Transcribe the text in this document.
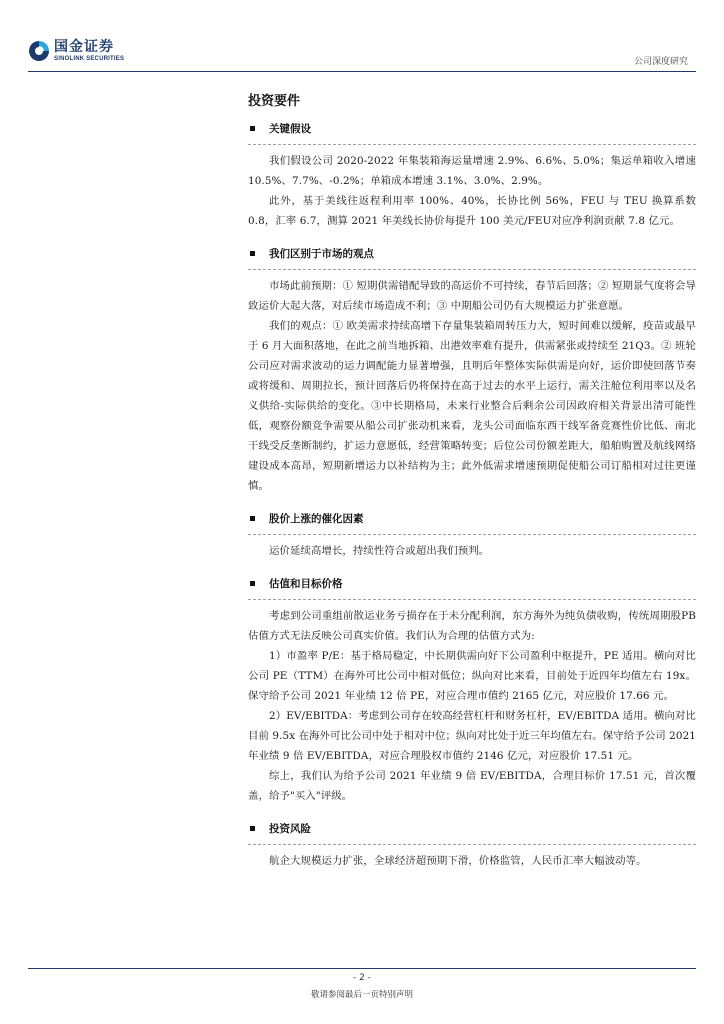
国金证券
SINOLINK SECURITIES	公司深度研究
投资要件
关键假设

我们假设公司 2020-2022 年集装箱海运量增速 2.9%、6.6%、5.0%；集运单箱收入增速 10.5%、7.7%、-0.2%；单箱成本增速 3.1%、3.0%、2.9%。

此外，基于美线往返程利用率 100%、40%，长协比例 56%，FEU 与 TEU 换算系数 0.8，汇率 6.7，测算 2021 年美线长协价每提升 100 美元/FEU对应净利润贡献 7.8 亿元。

我们区别于市场的观点

市场此前预期：① 短期供需错配导致的高运价不可持续，春节后回落；② 短期景气度将会导致运价大起大落，对后续市场造成不利；③ 中期船公司仍有大规模运力扩张意愿。

我们的观点：① 欧美需求持续高增下存量集装箱周转压力大，短时间难以缓解，疫苗或最早于 6 月大面积落地，在此之前当地拆箱、出港效率难有提升，供需紧张或持续至 21Q3。② 班轮公司应对需求波动的运力调配能力显著增强，且明后年整体实际供需是向好，运价即使回落节奏或将缓和、周期拉长，预计回落后仍将保持在高于过去的水平上运行，需关注舱位利用率以及名义供给-实际供给的变化。③中长期格局，未来行业整合后剩余公司因政府相关背景出清可能性低，观察份额竞争需要从船公司扩张动机来看，龙头公司面临东西干线军备竞赛性价比低、南北干线受反垄断制约，扩运力意愿低，经营策略转变；后位公司份额差距大，船舶购置及航线网络建设成本高昂，短期新增运力以补结构为主；此外低需求增速预期促使船公司订船相对过往更谨慎。

股价上涨的催化因素

运价延续高增长，持续性符合或超出我们预判。

估值和目标价格

考虑到公司重组前散运业务亏损存在于未分配利润，东方海外为纯负债收购，传统周期股PB估值方式无法反映公司真实价值。我们认为合理的估值方式为:

1）市盈率 P/E：基于格局稳定，中长期供需向好下公司盈利中枢提升，PE 适用。横向对比公司 PE（TTM）在海外可比公司中相对低位；纵向对比来看，目前处于近四年均值左右 19x。保守给予公司 2021 年业绩 12 倍 PE，对应合理市值约 2165 亿元，对应股价 17.66 元。

2）EV/EBITDA：考虑到公司存在较高经营杠杆和财务杠杆，EV/EBITDA 适用。横向对比目前 9.5x 在海外可比公司中处于相对中位；纵向对比处于近三年均值左右。保守给予公司 2021 年业绩 9 倍 EV/EBITDA，对应合理股权市值约 2146 亿元，对应股价 17.51 元。

综上，我们认为给予公司 2021 年业绩 9 倍 EV/EBITDA，合理目标价 17.51 元，首次覆盖，给予"买入"评级。

投资风险

航企大规模运力扩张，全球经济超预期下滑，价格监管，人民币汇率大幅波动等。

- 2 -
敬请参阅最后一页特别声明
